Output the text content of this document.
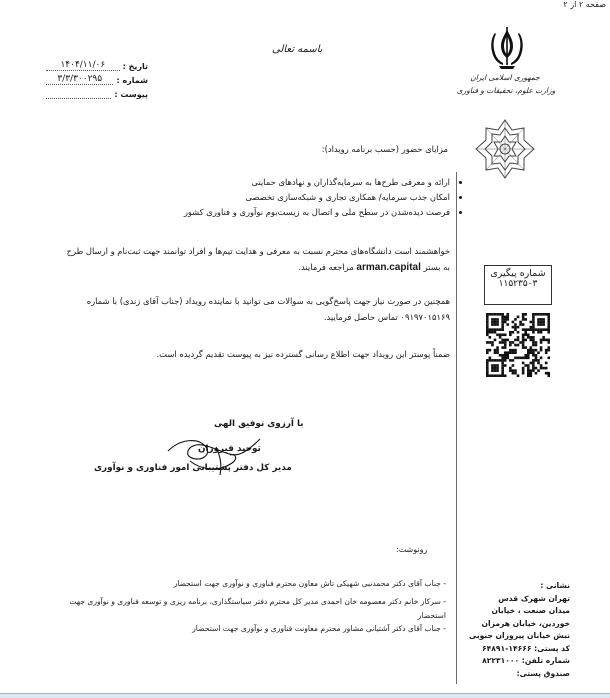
صفحه ۲ از ۲
باسمه تعالی
تاریخ :
۱۴۰۴/۱۱/۰۶
شماره :
۳/۳/۳۰۰۲۹۵
پیوست :
جمهوری اسلامی ایران
وزارت علوم، تحقیقات و فناوری
مزایای حضور (حسب برنامه رویداد):
• ارائه و معرفی طرح‌ها به سرمایه‌گذاران و نهادهای حمایتی
• امکان جذب سرمایه/ همکاری تجاری و شبکه‌سازی تخصصی
• فرصت دیده‌شدن در سطح ملی و اتصال به زیست‌بوم نوآوری و فناوری کشور
خواهشمند است دانشگاه‌های محترم نسبت به معرفی و هدایت تیم‌ها و افراد توانمند جهت ثبت‌نام و ارسال طرح به بستر arman.capital مراجعه فرمایند.
همچنین در صورت نیاز جهت پاسخ‌گویی به سوالات می توانید با نماینده رویداد (جناب آقای زندی) با شماره ۰۹۱۹۷۰۱۵۱۶۹ تماس حاصل فرمایید.
ضمناً پوستر این رویداد جهت اطلاع رسانی گسترده نیز به پیوست تقدیم گردیده است.
با آرزوی توفیق الهی
توحید فیروزان
مدیر کل دفتر پشتیبانی امور فناوری و نوآوری
رونوشت:
- جناب آقای دکتر محمدنبی شهیکی تاش معاون محترم فناوری و نوآوری جهت استحضار
- سرکار خانم دکتر معصومه خان احمدی مدیر کل محترم دفتر سیاستگذاری، برنامه ریزی و توسعه فناوری و نوآوری جهت استحضار
- جناب آقای دکتر آشتیانی مشاور محترم معاونت فناوری و نوآوری جهت استحضار
شماره پیگیری
۱۱۵۲۳۵۰۳
نشانی :
تهران شهرک قدس
میدان صنعت ، خیابان
خوردین، خیابان هرمزان
نبش خیابان پیروزان جنوبی
کد پستی: ۱۴۶۶۶-۶۴۸۹۱
شماره تلفن: ۸۲۲۳۱۰۰۰
صندوق پستی:
